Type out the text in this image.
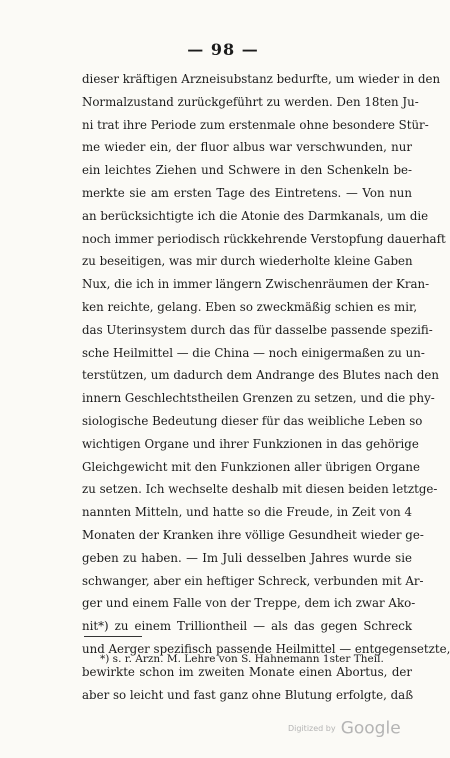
— 98 —
dieser kräftigen Arzneisubstanz bedurfte, um wieder in den
Normalzustand zurückgeführt zu werden. Den 18ten Ju-
ni trat ihre Periode zum erstenmale ohne besondere Stür-
me wieder ein, der fluor albus war verschwunden, nur
ein leichtes Ziehen und Schwere in den Schenkeln be-
merkte sie am ersten Tage des Eintretens. — Von nun
an berücksichtigte ich die Atonie des Darmkanals, um die
noch immer periodisch rückkehrende Verstopfung dauerhaft
zu beseitigen, was mir durch wiederholte kleine Gaben
Nux, die ich in immer längern Zwischenräumen der Kran-
ken reichte, gelang. Eben so zweckmäßig schien es mir,
das Uterinsystem durch das für dasselbe passende spezifi-
sche Heilmittel — die China — noch einigermaßen zu un-
terstützen, um dadurch dem Andrange des Blutes nach den
innern Geschlechtstheilen Grenzen zu setzen, und die phy-
siologische Bedeutung dieser für das weibliche Leben so
wichtigen Organe und ihrer Funkzionen in das gehörige
Gleichgewicht mit den Funkzionen aller übrigen Organe
zu setzen. Ich wechselte deshalb mit diesen beiden letztge-
nannten Mitteln, und hatte so die Freude, in Zeit von 4
Monaten der Kranken ihre völlige Gesundheit wieder ge-
geben zu haben. — Im Juli desselben Jahres wurde sie
schwanger, aber ein heftiger Schreck, verbunden mit Ar-
ger und einem Falle von der Treppe, dem ich zwar Ako-
nit*) zu einem Trilliontheil — als das gegen Schreck
und Aerger spezifisch passende Heilmittel — entgegensetzte,
bewirkte schon im zweiten Monate einen Abortus, der
aber so leicht und fast ganz ohne Blutung erfolgte, daß
*) s. r. Arzn. M. Lehre von S. Hahnemann 1ster Theil.
Digitized by Google
